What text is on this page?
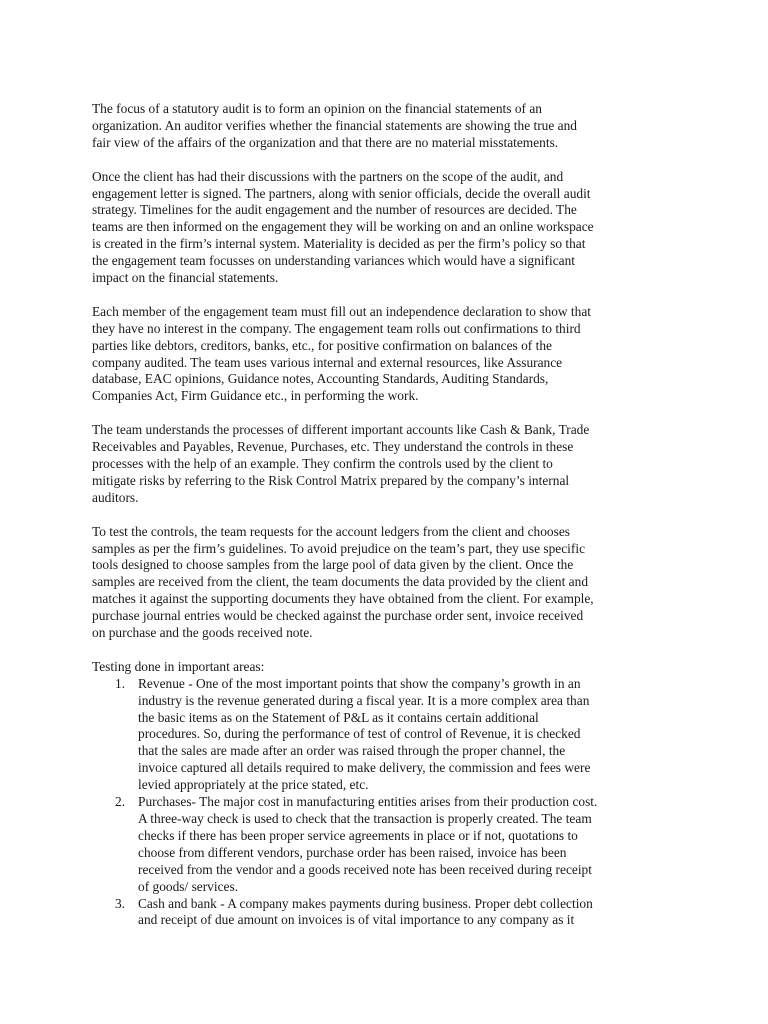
The focus of a statutory audit is to form an opinion on the financial statements of an
organization. An auditor verifies whether the financial statements are showing the true and
fair view of the affairs of the organization and that there are no material misstatements.

Once the client has had their discussions with the partners on the scope of the audit, and
engagement letter is signed. The partners, along with senior officials, decide the overall audit
strategy. Timelines for the audit engagement and the number of resources are decided. The
teams are then informed on the engagement they will be working on and an online workspace
is created in the firm’s internal system. Materiality is decided as per the firm’s policy so that
the engagement team focusses on understanding variances which would have a significant
impact on the financial statements.

Each member of the engagement team must fill out an independence declaration to show that
they have no interest in the company. The engagement team rolls out confirmations to third
parties like debtors, creditors, banks, etc., for positive confirmation on balances of the
company audited. The team uses various internal and external resources, like Assurance
database, EAC opinions, Guidance notes, Accounting Standards, Auditing Standards,
Companies Act, Firm Guidance etc., in performing the work.

The team understands the processes of different important accounts like Cash & Bank, Trade
Receivables and Payables, Revenue, Purchases, etc. They understand the controls in these
processes with the help of an example. They confirm the controls used by the client to
mitigate risks by referring to the Risk Control Matrix prepared by the company’s internal
auditors.

To test the controls, the team requests for the account ledgers from the client and chooses
samples as per the firm’s guidelines. To avoid prejudice on the team’s part, they use specific
tools designed to choose samples from the large pool of data given by the client. Once the
samples are received from the client, the team documents the data provided by the client and
matches it against the supporting documents they have obtained from the client. For example,
purchase journal entries would be checked against the purchase order sent, invoice received
on purchase and the goods received note.

Testing done in important areas:

1. Revenue - One of the most important points that show the company’s growth in an
industry is the revenue generated during a fiscal year. It is a more complex area than
the basic items as on the Statement of P&L as it contains certain additional
procedures. So, during the performance of test of control of Revenue, it is checked
that the sales are made after an order was raised through the proper channel, the
invoice captured all details required to make delivery, the commission and fees were
levied appropriately at the price stated, etc.
2. Purchases- The major cost in manufacturing entities arises from their production cost.
A three-way check is used to check that the transaction is properly created. The team
checks if there has been proper service agreements in place or if not, quotations to
choose from different vendors, purchase order has been raised, invoice has been
received from the vendor and a goods received note has been received during receipt
of goods/ services.
3. Cash and bank - A company makes payments during business. Proper debt collection
and receipt of due amount on invoices is of vital importance to any company as it
